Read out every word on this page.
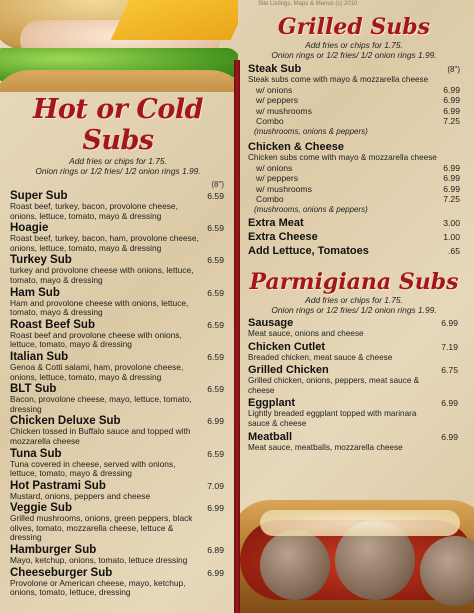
Site Listings, Maps & Menus (c) 2010
Hot or Cold Subs
Add fries or chips for 1.75.
Onion rings or 1/2 fries/ 1/2 onion rings 1.99.
(8")
Super Sub	6.59
Roast beef, turkey, bacon, provolone cheese, onions, lettuce, tomato, mayo & dressing
Hoagie	6.59
Roast beef, turkey, bacon, ham, provolone cheese, onions, lettuce, tomato, mayo & dressing
Turkey Sub	6.59
turkey and provolone cheese with onions, lettuce, tomato, mayo & dressing
Ham Sub	6.59
Ham and provolone cheese with onions, lettuce, tomato, mayo & dressing
Roast Beef Sub	6.59
Roast beef and provolone cheese with onions, lettuce, tomato, mayo & dressing
Italian Sub	6.59
Genoa & Cotti salami, ham, provolone cheese, onions, lettuce, tomato, mayo & dressing
BLT Sub	6.59
Bacon, provolone cheese, mayo, lettuce, tomato, dressing
Chicken Deluxe Sub	6.99
Chicken tossed in Buffalo sauce and topped with mozzarella cheese
Tuna Sub	6.59
Tuna covered in cheese, served with onions, lettuce, tomato, mayo & dressing
Hot Pastrami Sub	7.09
Mustard, onions, peppers and cheese
Veggie Sub	6.99
Grilled mushrooms, onions, green peppers, black olives, tomato, mozzarella cheese, lettuce & dressing
Hamburger Sub	6.89
Mayo, ketchup, onions, tomato, lettuce dressing
Cheeseburger Sub	6.99
Provolone or American cheese, mayo, ketchup, onions, tomato, lettuce, dressing
Grilled Subs
Add fries or chips for 1.75.
Onion rings or 1/2 fries/ 1/2 onion rings 1.99.
Steak Sub	(8")
Steak subs come with mayo & mozzarella cheese
w/ onions	6.99
w/ peppers	6.99
w/ mushrooms	6.99
Combo	7.25
(mushrooms, onions & peppers)
Chicken & Cheese
Chicken subs come with mayo & mozzarella cheese
w/ onions	6.99
w/ peppers	6.99
w/ mushrooms	6.99
Combo	7.25
(mushrooms, onions & peppers)
Extra Meat	3.00
Extra Cheese	1.00
Add Lettuce, Tomatoes	.65
Parmigiana Subs
Add fries or chips for 1.75.
Onion rings or 1/2 fries/ 1/2 onion rings 1.99.
Sausage	6.99
Meat sauce, onions and cheese
Chicken Cutlet	7.19
Breaded chicken, meat sauce & cheese
Grilled Chicken	6.75
Grilled chicken, onions, peppers, meat sauce & cheese
Eggplant	6.99
Lightly breaded eggplant topped with marinara sauce & cheese
Meatball	6.99
Meat sauce, meatballs, mozzarella cheese
